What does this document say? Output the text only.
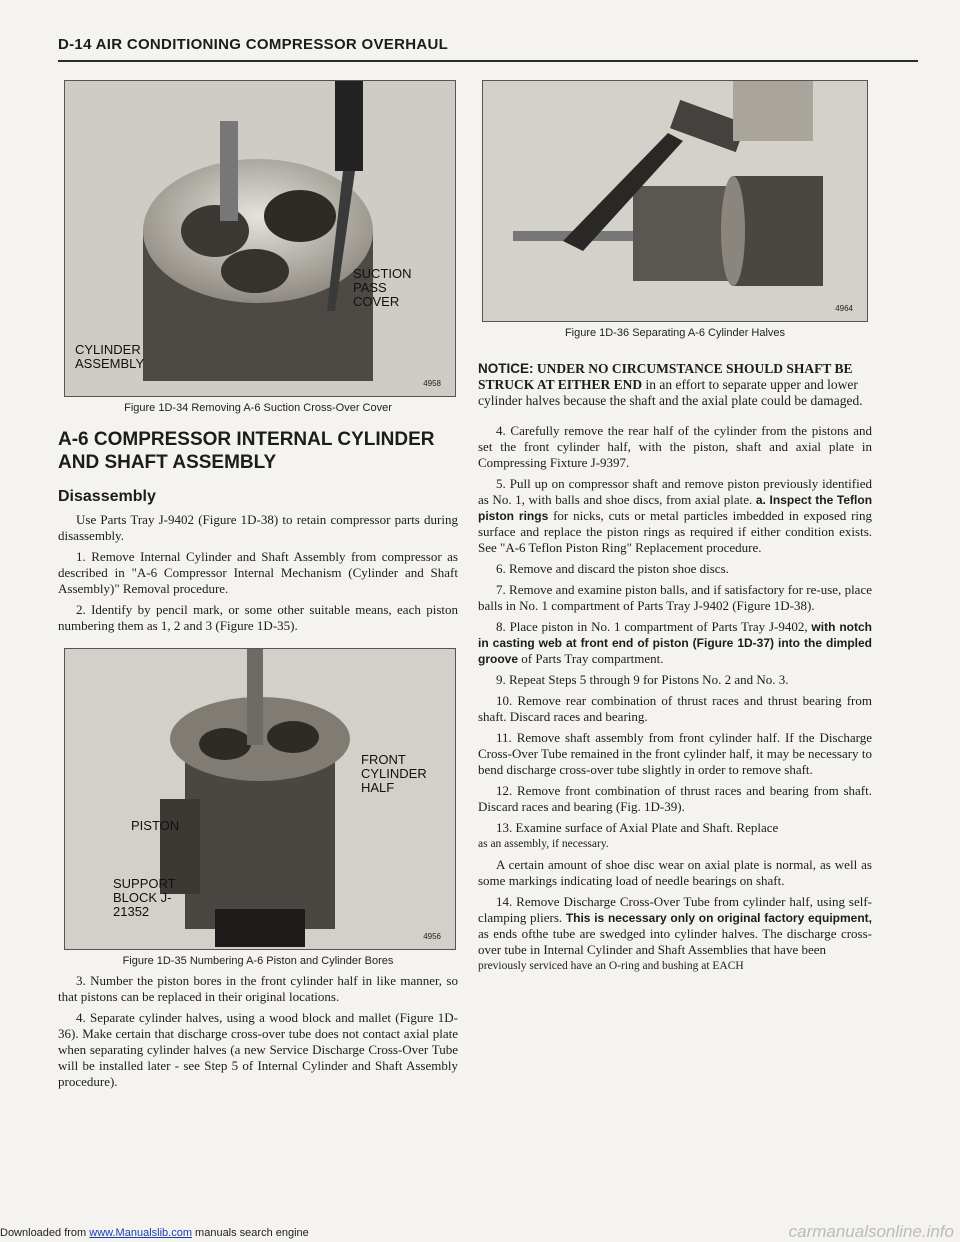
D-14 AIR CONDITIONING COMPRESSOR OVERHAUL
SUCTION PASS COVER
CYLINDER ASSEMBLY
4958
Figure 1D-34 Removing A-6 Suction Cross-Over Cover
A-6 COMPRESSOR INTERNAL CYLINDER AND SHAFT ASSEMBLY
Disassembly

Use Parts Tray J-9402 (Figure 1D-38) to retain compressor parts during disassembly.

1. Remove Internal Cylinder and Shaft Assembly from compressor as described in "A-6 Compressor Internal Mechanism (Cylinder and Shaft Assembly)" Removal procedure.

2. Identify by pencil mark, or some other suitable means, each piston numbering them as 1, 2 and 3 (Figure 1D-35).

FRONT CYLINDER HALF
PISTON
SUPPORT BLOCK J-21352
4956
Figure 1D-35 Numbering A-6 Piston and Cylinder Bores

3. Number the piston bores in the front cylinder half in like manner, so that pistons can be replaced in their original locations.

4. Separate cylinder halves, using a wood block and mallet (Figure 1D-36). Make certain that discharge cross-over tube does not contact axial plate when separating cylinder halves (a new Service Discharge Cross-Over Tube will be installed later - see Step 5 of Internal Cylinder and Shaft Assembly procedure).

4964
Figure 1D-36 Separating A-6 Cylinder Halves
NOTICE: UNDER NO CIRCUMSTANCE SHOULD SHAFT BE STRUCK AT EITHER END in an effort to separate upper and lower cylinder halves because the shaft and the axial plate could be damaged.

4. Carefully remove the rear half of the cylinder from the pistons and set the front cylinder half, with the piston, shaft and axial plate in Compressing Fixture J-9397.

5. Pull up on compressor shaft and remove piston previously identified as No. 1, with balls and shoe discs, from axial plate. a. Inspect the Teflon piston rings for nicks, cuts or metal particles imbedded in exposed ring surface and replace the piston rings as required if either condition exists. See "A-6 Teflon Piston Ring" Replacement procedure.

6. Remove and discard the piston shoe discs.

7. Remove and examine piston balls, and if satisfactory for re-use, place balls in No. 1 compartment of Parts Tray J-9402 (Figure 1D-38).

8. Place piston in No. 1 compartment of Parts Tray J-9402, with notch in casting web at front end of piston (Figure 1D-37) into the dimpled groove of Parts Tray compartment.

9. Repeat Steps 5 through 9 for Pistons No. 2 and No. 3.

10. Remove rear combination of thrust races and thrust bearing from shaft. Discard races and bearing.

11. Remove shaft assembly from front cylinder half. If the Discharge Cross-Over Tube remained in the front cylinder half, it may be necessary to bend discharge cross-over tube slightly in order to remove shaft.

12. Remove front combination of thrust races and bearing from shaft. Discard races and bearing (Fig. 1D-39).

13. Examine surface of Axial Plate and Shaft. Replace

as an assembly, if necessary.

A certain amount of shoe disc wear on axial plate is normal, as well as some markings indicating load of needle bearings on shaft.

14. Remove Discharge Cross-Over Tube from cylinder half, using self-clamping pliers. This is necessary only on original factory equipment, as ends ofthe tube are swedged into cylinder halves. The discharge cross-over tube in Internal Cylinder and Shaft Assemblies that have been

previously serviced have an O-ring and bushing at EACH

Downloaded from www.Manualslib.com manuals search engine	carmanualsonline.info
